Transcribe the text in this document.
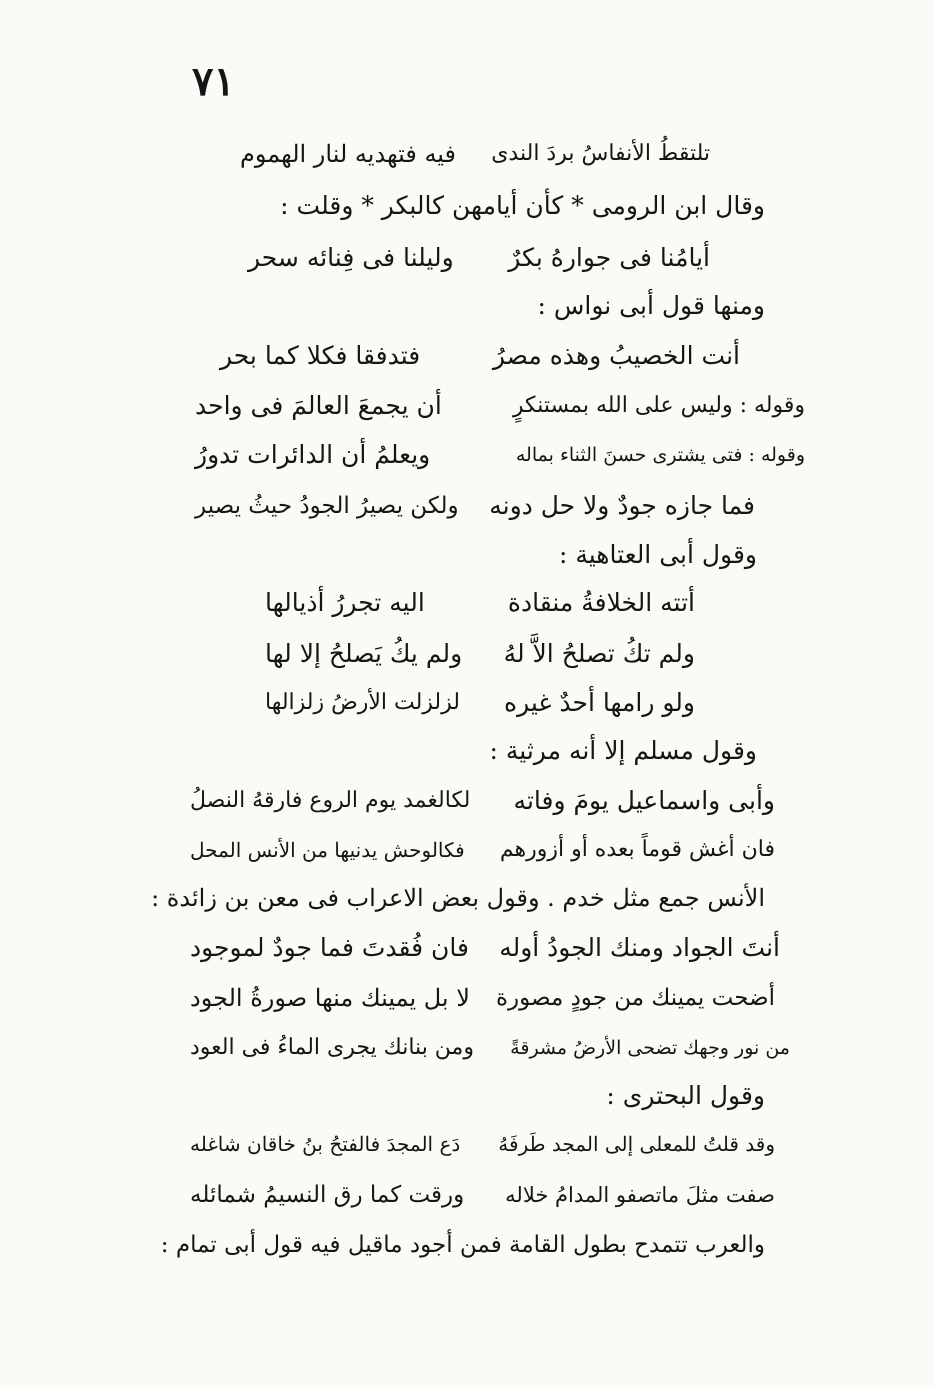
٧١
تلتقطُ الأنفاسُ بردَ الندى
فيه فتهديه لنار الهموم
وقال ابن الرومى * كأن أيامهن كالبكر * وقلت :
أيامُنا فى جوارهُ بكرٌ
وليلنا فى فِنائه سحر
ومنها قول أبى نواس :
أنت الخصيبُ وهذه مصرُ
فتدفقا فكلا كما بحر
وقوله : وليس على الله بمستنكرٍ
أن يجمعَ العالمَ فى واحد
وقوله : فتى يشترى حسنَ الثناء بماله
ويعلمُ أن الدائرات تدورُ
فما جازه جودٌ ولا حل دونه
ولكن يصيرُ الجودُ حيثُ يصير
وقول أبى العتاهية :
أتته الخلافةُ منقادة
اليه تجررُ أذيالها
ولم تكُ تصلحُ الاَّ لهُ
ولم يكُ يَصلحُ إلا لها
ولو رامها أحدٌ غيره
لزلزلت الأرضُ زلزالها
وقول مسلم إلا أنه مرثية :
وأبى واسماعيل يومَ وفاته
لكالغمد يوم الروع فارقهُ النصلُ
فان أغش قوماً بعده أو أزورهم
فكالوحش يدنيها من الأنس المحل
الأنس جمع مثل خدم . وقول بعض الاعراب فى معن بن زائدة :
أنتَ الجواد ومنك الجودُ أوله
فان فُقدتَ فما جودٌ لموجود
أضحت يمينك من جودٍ مصورة
لا بل يمينك منها صورةُ الجود
من نور وجهك تضحى الأرضُ مشرقةً
ومن بنانك يجرى الماءُ فى العود
وقول البحترى :
وقد قلتُ للمعلى إلى المجد طَرفَهُ
دَع المجدَ فالفتحُ بنُ خاقان شاغله
صفت مثلَ ماتصفو المدامُ خلاله
ورقت كما رق النسيمُ شمائله
والعرب تتمدح بطول القامة فمن أجود ماقيل فيه قول أبى تمام :
